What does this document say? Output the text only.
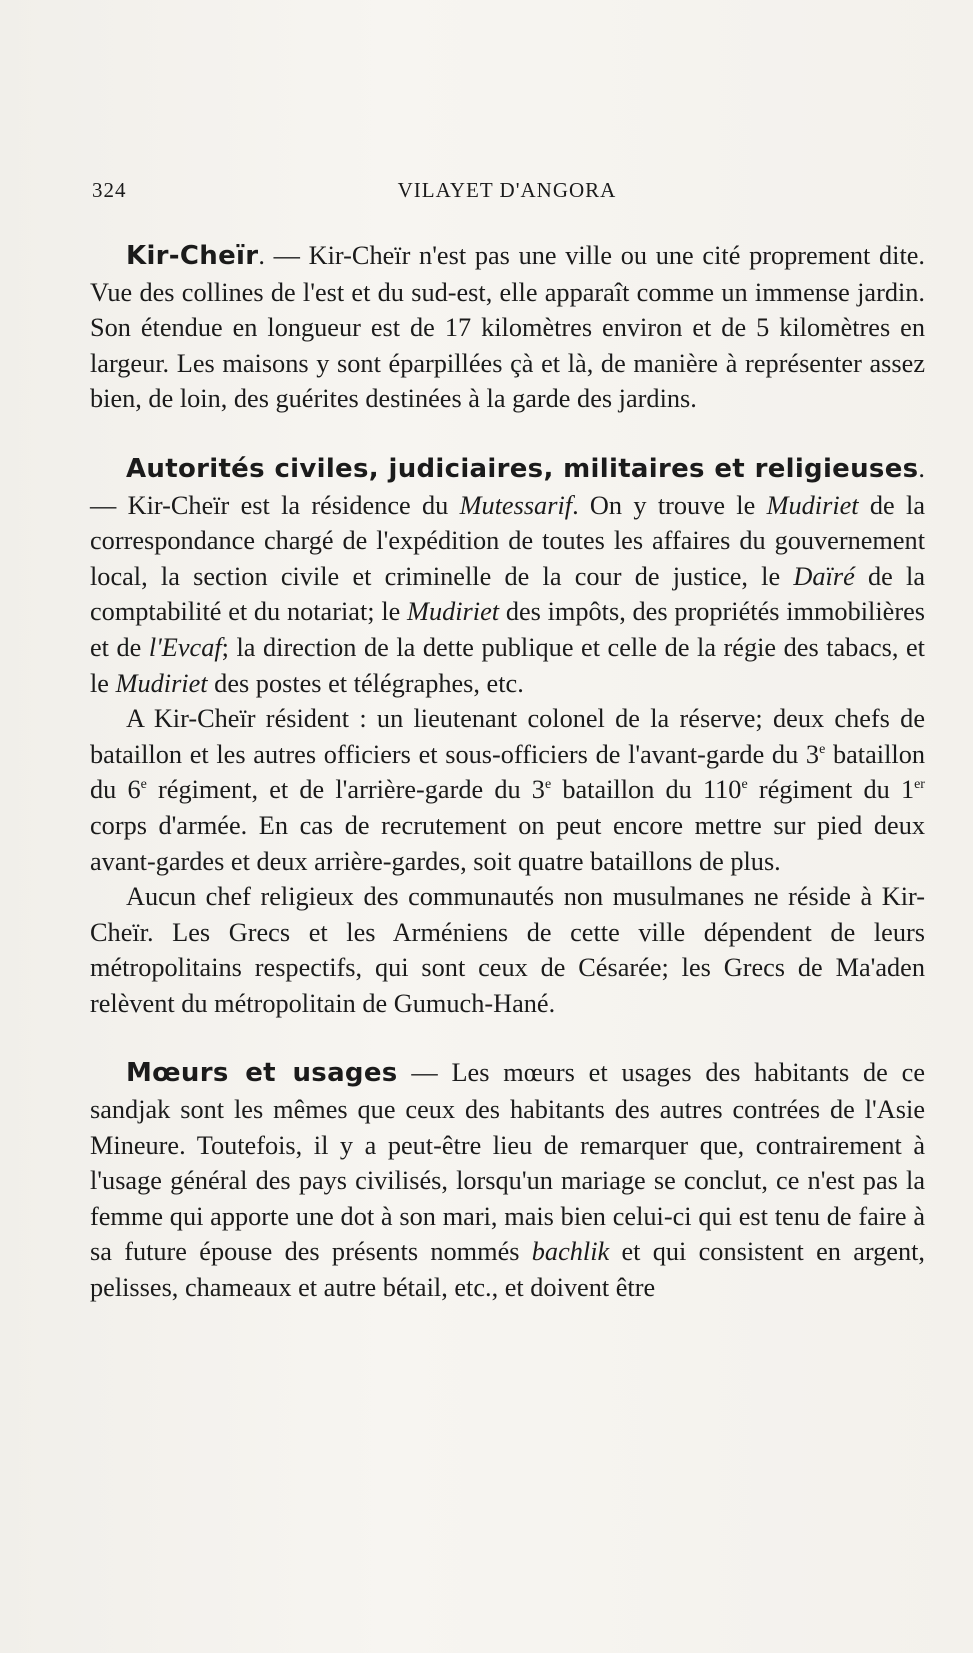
324	VILAYET D'ANGORA

Kir-Cheïr. — Kir-Cheïr n'est pas une ville ou une cité proprement dite. Vue des collines de l'est et du sud-est, elle apparaît comme un immense jardin. Son étendue en longueur est de 17 kilomètres environ et de 5 kilomètres en largeur. Les maisons y sont éparpillées çà et là, de manière à représenter assez bien, de loin, des guérites destinées à la garde des jardins.

Autorités civiles, judiciaires, militaires et religieuses. — Kir-Cheïr est la résidence du Mutessarif. On y trouve le Mudiriet de la correspondance chargé de l'expédition de toutes les affaires du gouvernement local, la section civile et criminelle de la cour de justice, le Daïré de la comptabilité et du notariat; le Mudiriet des impôts, des propriétés immobilières et de l'Evcaf; la direction de la dette publique et celle de la régie des tabacs, et le Mudiriet des postes et télégraphes, etc.

A Kir-Cheïr résident : un lieutenant colonel de la réserve; deux chefs de bataillon et les autres officiers et sous-officiers de l'avant-garde du 3e bataillon du 6e régiment, et de l'arrière-garde du 3e bataillon du 110e régiment du 1er corps d'armée. En cas de recrutement on peut encore mettre sur pied deux avant-gardes et deux arrière-gardes, soit quatre bataillons de plus.

Aucun chef religieux des communautés non musulmanes ne réside à Kir-Cheïr. Les Grecs et les Arméniens de cette ville dépendent de leurs métropolitains respectifs, qui sont ceux de Césarée; les Grecs de Ma'aden relèvent du métropolitain de Gumuch-Hané.

Mœurs et usages — Les mœurs et usages des habitants de ce sandjak sont les mêmes que ceux des habitants des autres contrées de l'Asie Mineure. Toutefois, il y a peut-être lieu de remarquer que, contrairement à l'usage général des pays civilisés, lorsqu'un mariage se conclut, ce n'est pas la femme qui apporte une dot à son mari, mais bien celui-ci qui est tenu de faire à sa future épouse des présents nommés bachlik et qui consistent en argent, pelisses, chameaux et autre bétail, etc., et doivent être
